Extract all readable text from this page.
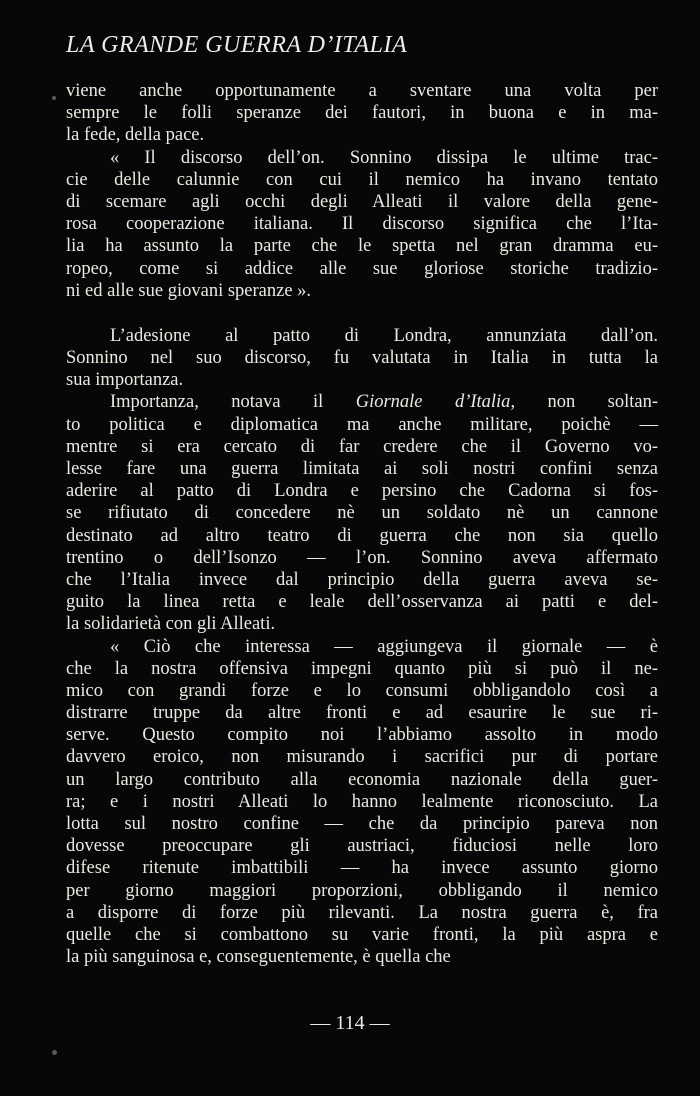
LA GRANDE GUERRA D’ITALIA
viene anche opportunamente a sventare una volta per
sempre le folli speranze dei fautori, in buona e in ma-
la fede, della pace.
« Il discorso dell’on. Sonnino dissipa le ultime trac-
cie delle calunnie con cui il nemico ha invano tentato
di scemare agli occhi degli Alleati il valore della gene-
rosa cooperazione italiana. Il discorso significa che l’Ita-
lia ha assunto la parte che le spetta nel gran dramma eu-
ropeo, come si addice alle sue gloriose storiche tradizio-
ni ed alle sue giovani speranze ».
L’adesione al patto di Londra, annunziata dall’on.
Sonnino nel suo discorso, fu valutata in Italia in tutta la
sua importanza.
Importanza, notava il Giornale d’Italia, non soltan-
to politica e diplomatica ma anche militare, poichè —
mentre si era cercato di far credere che il Governo vo-
lesse fare una guerra limitata ai soli nostri confini senza
aderire al patto di Londra e persino che Cadorna si fos-
se rifiutato di concedere nè un soldato nè un cannone
destinato ad altro teatro di guerra che non sia quello
trentino o dell’Isonzo — l’on. Sonnino aveva affermato
che l’Italia invece dal principio della guerra aveva se-
guito la linea retta e leale dell’osservanza ai patti e del-
la solidarietà con gli Alleati.
« Ciò che interessa — aggiungeva il giornale — è
che la nostra offensiva impegni quanto più si può il ne-
mico con grandi forze e lo consumi obbligandolo così a
distrarre truppe da altre fronti e ad esaurire le sue ri-
serve. Questo compito noi l’abbiamo assolto in modo
davvero eroico, non misurando i sacrifici pur di portare
un largo contributo alla economia nazionale della guer-
ra; e i nostri Alleati lo hanno lealmente riconosciuto. La
lotta sul nostro confine — che da principio pareva non
dovesse preoccupare gli austriaci, fiduciosi nelle loro
difese ritenute imbattibili — ha invece assunto giorno
per giorno maggiori proporzioni, obbligando il nemico
a disporre di forze più rilevanti. La nostra guerra è, fra
quelle che si combattono su varie fronti, la più aspra e
la più sanguinosa e, conseguentemente, è quella che
— 114 —
